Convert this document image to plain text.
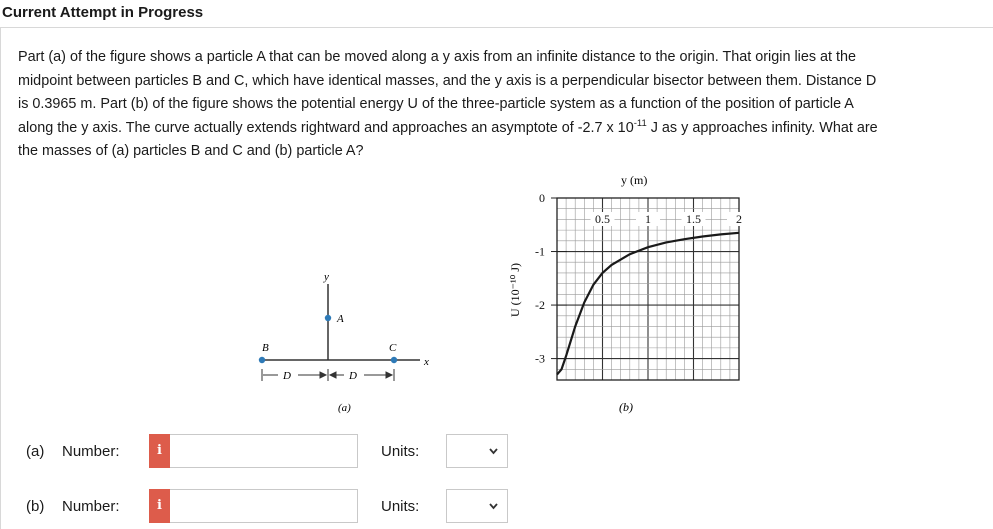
Current Attempt in Progress

Part (a) of the figure shows a particle A that can be moved along a y axis from an infinite distance to the origin. That origin lies at the
midpoint between particles B and C, which have identical masses, and the y axis is a perpendicular bisector between them. Distance D
is 0.3965 m. Part (b) of the figure shows the potential energy U of the three-particle system as a function of the position of particle A
along the y axis. The curve actually extends rightward and approaches an asymptote of -2.7 x $10^{-11}$ J as y approaches infinity. What are
the masses of (a) particles B and C and (b) particle A?

y
x
A
B	C
D	D
(a)
0.5	1	1.5	2
0
-1
-2
-3
y (m)
U (10⁻¹⁰ J)
(b)
(a) Number:	i	Units:
(b) Number:	i	Units:
